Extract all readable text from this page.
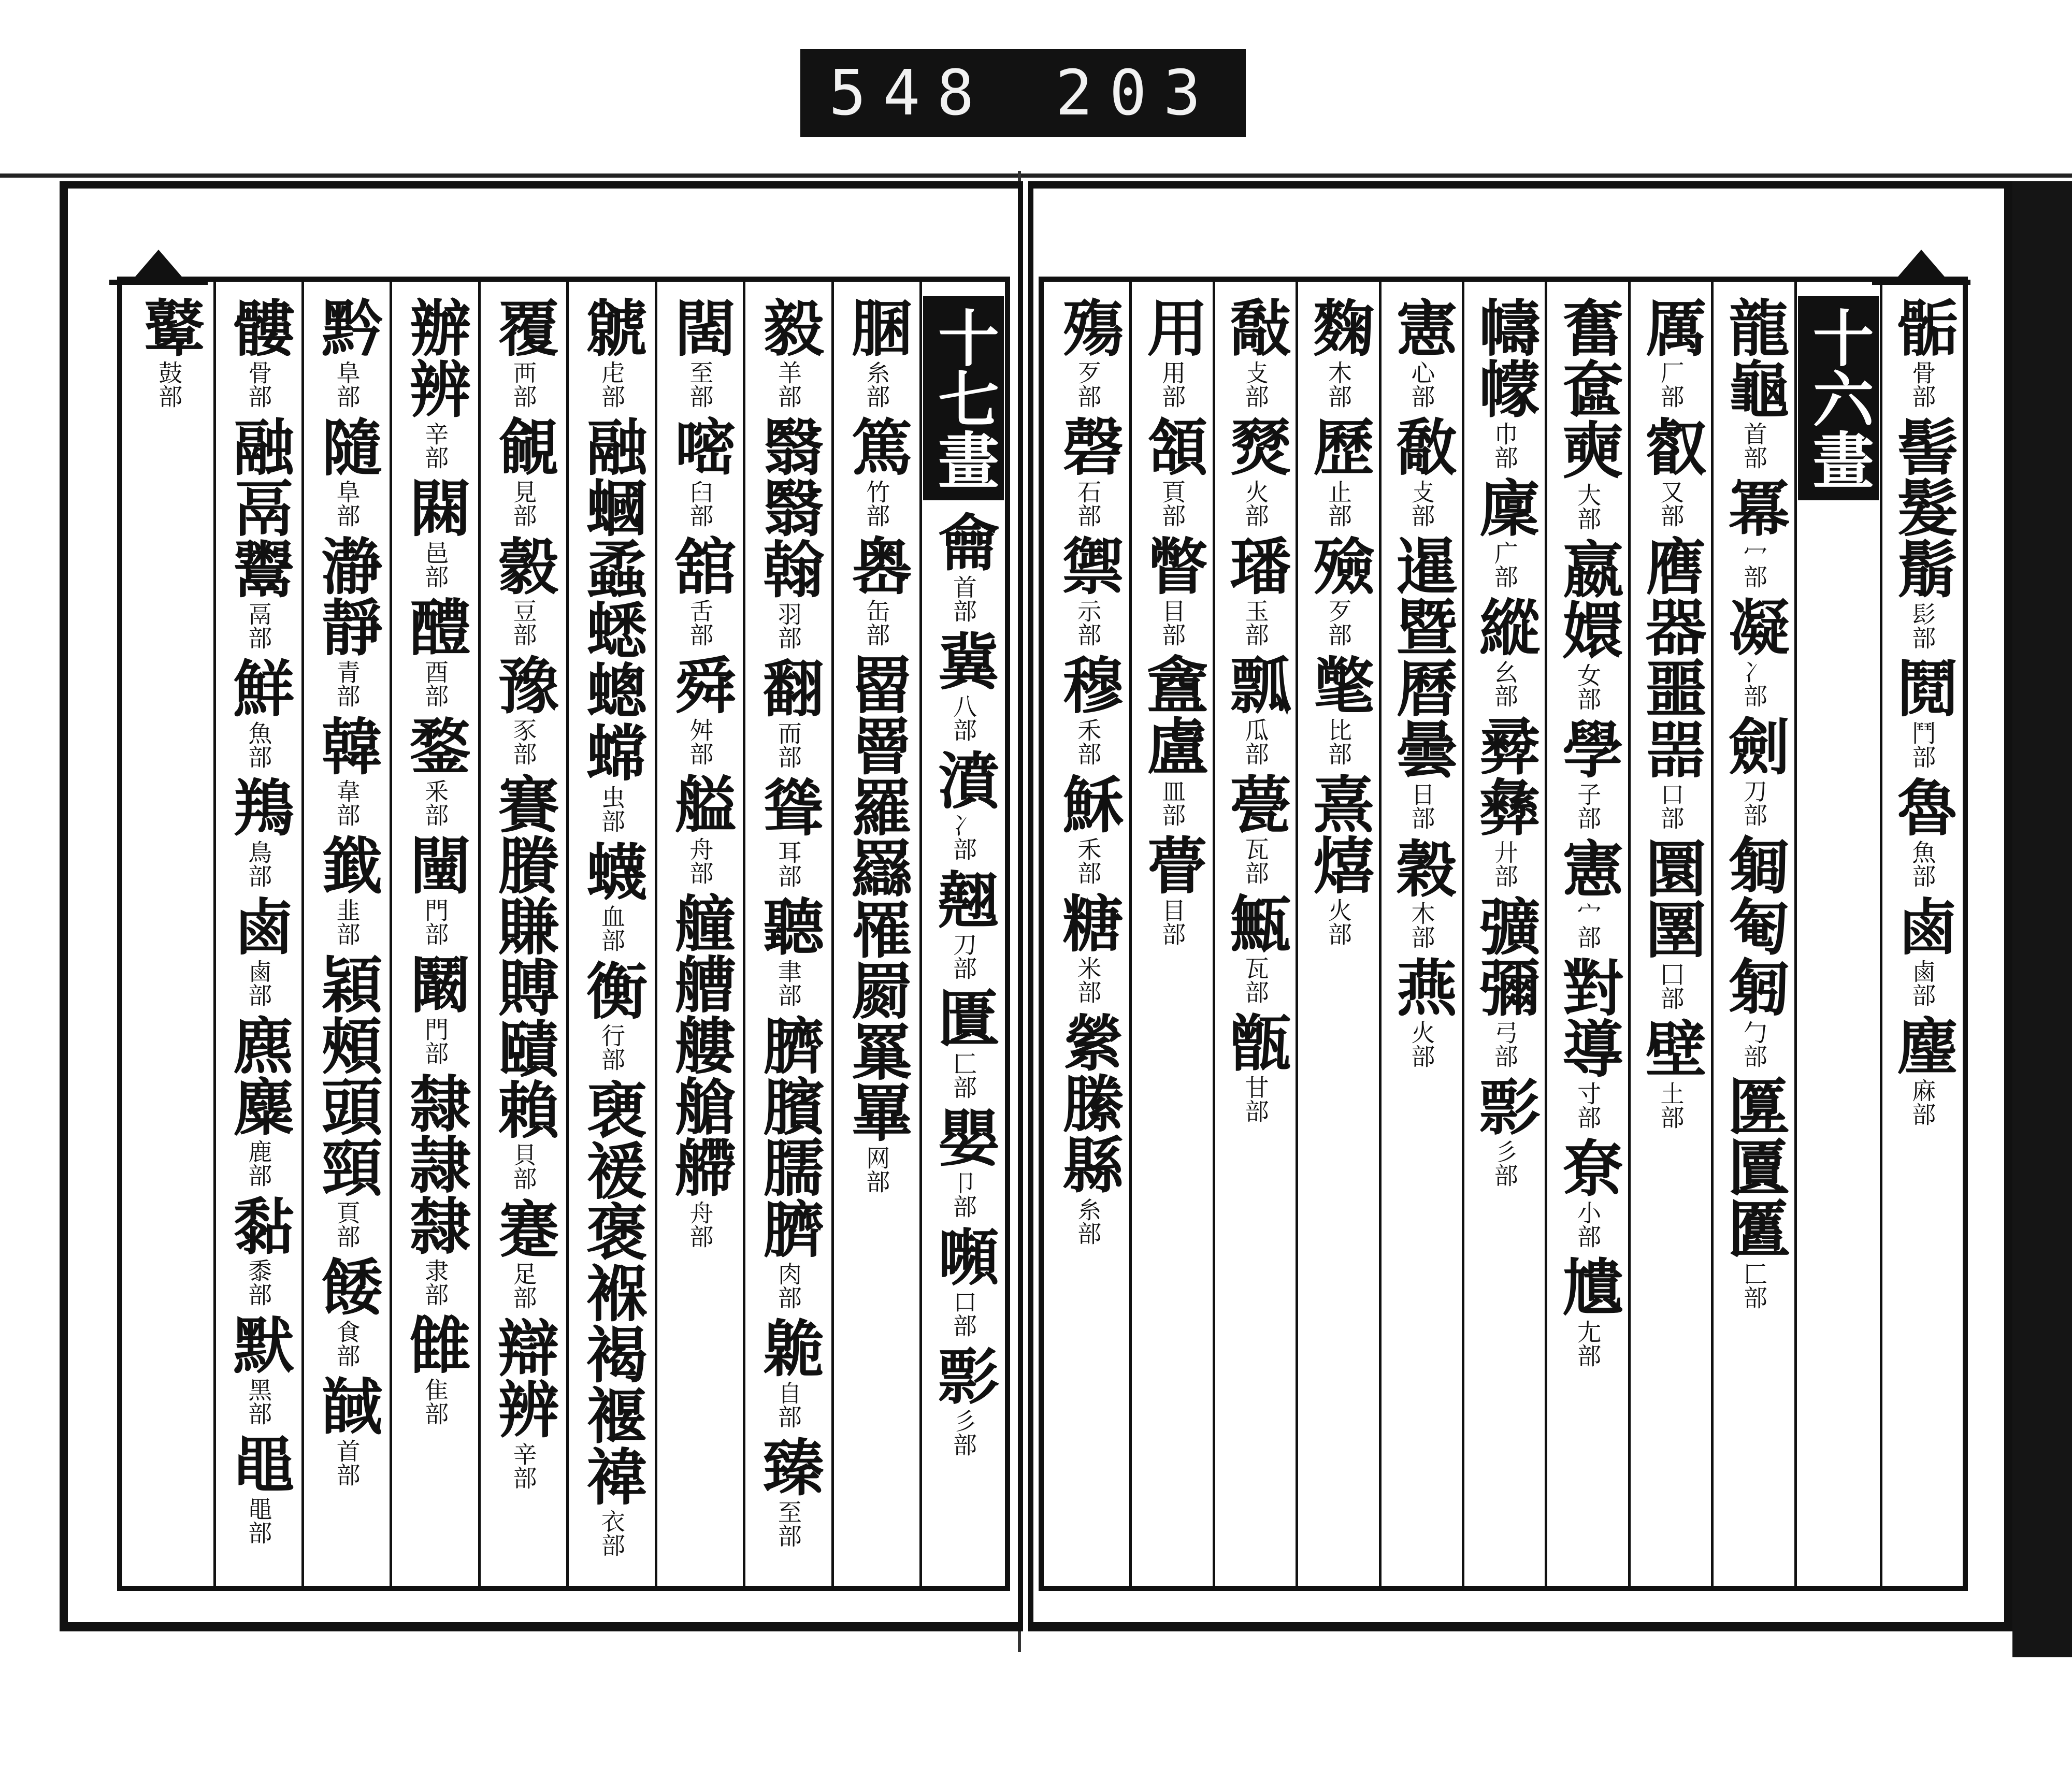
548 203
十七畫
龠
首部
冀
八部
濆
冫部
翹
刀部
匱
匚部
嬰
卩部
嚬
口部
彯
彡部
䐃
糸部
篤
竹部
嶴
缶部
罶罾羅羉罹罽罺罼
网部
毅
羊部
翳翳翰
羽部
翻
而部
聳
耳部
聽
聿部
臍臏臑臍
肉部
臲
自部
臻
至部
䦚
至部
嘧
臼部
舘
舌部
舜
舛部
艗
舟部
艟艚艛艙艜
舟部
虩
虍部
融蟈蟊蟋蟌蟐
虫部
蠛
血部
衡
行部
褏褑褒褓褐褗褘
衣部
覆
襾部
覦
見部
豰
豆部
豫
豕部
賽賸賺賻賾賴
貝部
蹇
足部
辯辨
辛部
辦辨
辛部
䦥
邑部
醴
酉部
鍪
釆部
闉
門部
鬫
門部
隸隷隸
隶部
雔
隹部
黔
阜部
隨
阜部
瀞靜
青部
韓
韋部
韱
韭部
穎頰頭頸
頁部
餧
食部
馘
首部
髏
骨部
融鬲鬻
鬲部
鮮
魚部
鴹
鳥部
鹵
鹵部
麃麋
鹿部
黏
黍部
默
黑部
黽
黽部
鼙
鼓部
骺
骨部
髻髮鬅
髟部
鬩
鬥部
魯
魚部
鹵
鹵部
麈
麻部
十六畫
龍龜
首部
冪
冖部
凝
冫部
劍
刀部
匔匎匑
勹部
匴匵匶
匚部
厲
厂部
叡
又部
噟器噩噐
口部
圜圛
囗部
壁
土部
奮奩奭
大部
嬴嬛
女部
學
子部
憲
宀部
對導
寸部
尞
小部
尵
尢部
幬幪
巾部
廩
广部
縱
幺部
彛彝
廾部
彍彌
弓部
彯
彡部
憲
心部
敿
攴部
暹暨曆曇
日部
穀
木部
燕
火部
麴
木部
歷
止部
殮
歹部
氅
比部
熹熺
火部
敽
攴部
燹
火部
璠
玉部
瓢
瓜部
甍
瓦部
甒
瓦部
甑
甘部
用
用部
頷
頁部
瞥
目部
盦盧
皿部
瞢
目部
殤
歹部
磬
石部
禦
示部
穆
禾部
穌
禾部
糖
米部
縈縢縣
糸部
